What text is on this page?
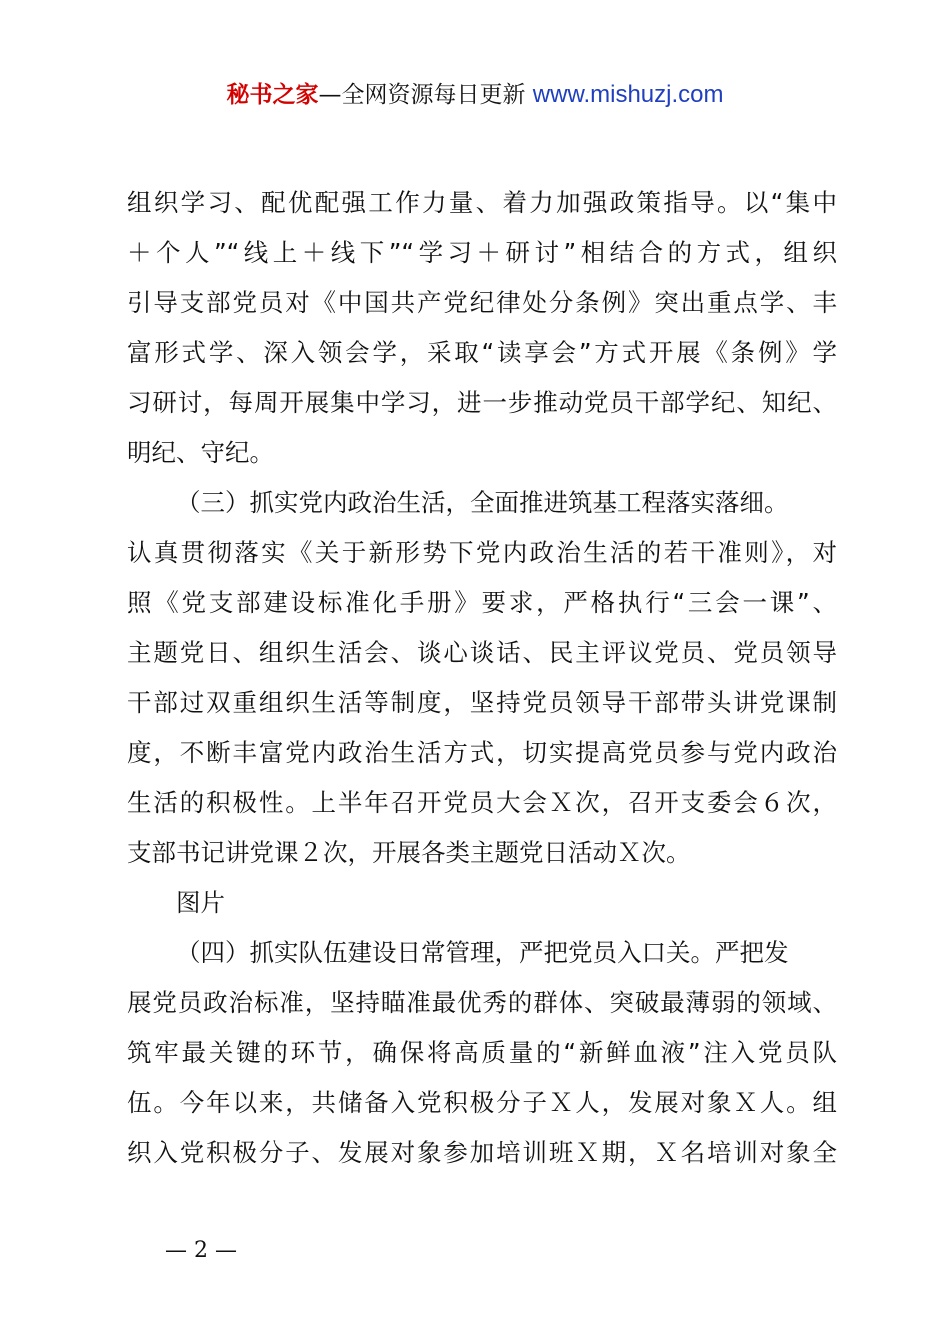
秘书之家—全网资源每日更新 www.mishuzj.com
组织学习、配优配强工作力量、着力加强政策指导。以“集中
＋个人”“线上＋线下”“学习＋研讨”相结合的方式，组织
引导支部党员对《中国共产党纪律处分条例》突出重点学、丰
富形式学、深入领会学，采取“读享会”方式开展《条例》学
习研讨，每周开展集中学习，进一步推动党员干部学纪、知纪、
明纪、守纪。
（三）抓实党内政治生活，全面推进筑基工程落实落细。
认真贯彻落实《关于新形势下党内政治生活的若干准则》，对
照《党支部建设标准化手册》要求，严格执行“三会一课”、
主题党日、组织生活会、谈心谈话、民主评议党员、党员领导
干部过双重组织生活等制度，坚持党员领导干部带头讲党课制
度，不断丰富党内政治生活方式，切实提高党员参与党内政治
生活的积极性。上半年召开党员大会Ｘ次，召开支委会６次，
支部书记讲党课２次，开展各类主题党日活动Ｘ次。
图片
（四）抓实队伍建设日常管理，严把党员入口关。严把发
展党员政治标准，坚持瞄准最优秀的群体、突破最薄弱的领域、
筑牢最关键的环节，确保将高质量的“新鲜血液”注入党员队
伍。今年以来，共储备入党积极分子Ｘ人，发展对象Ｘ人。组
织入党积极分子、发展对象参加培训班Ｘ期，Ｘ名培训对象全
— 2 —
